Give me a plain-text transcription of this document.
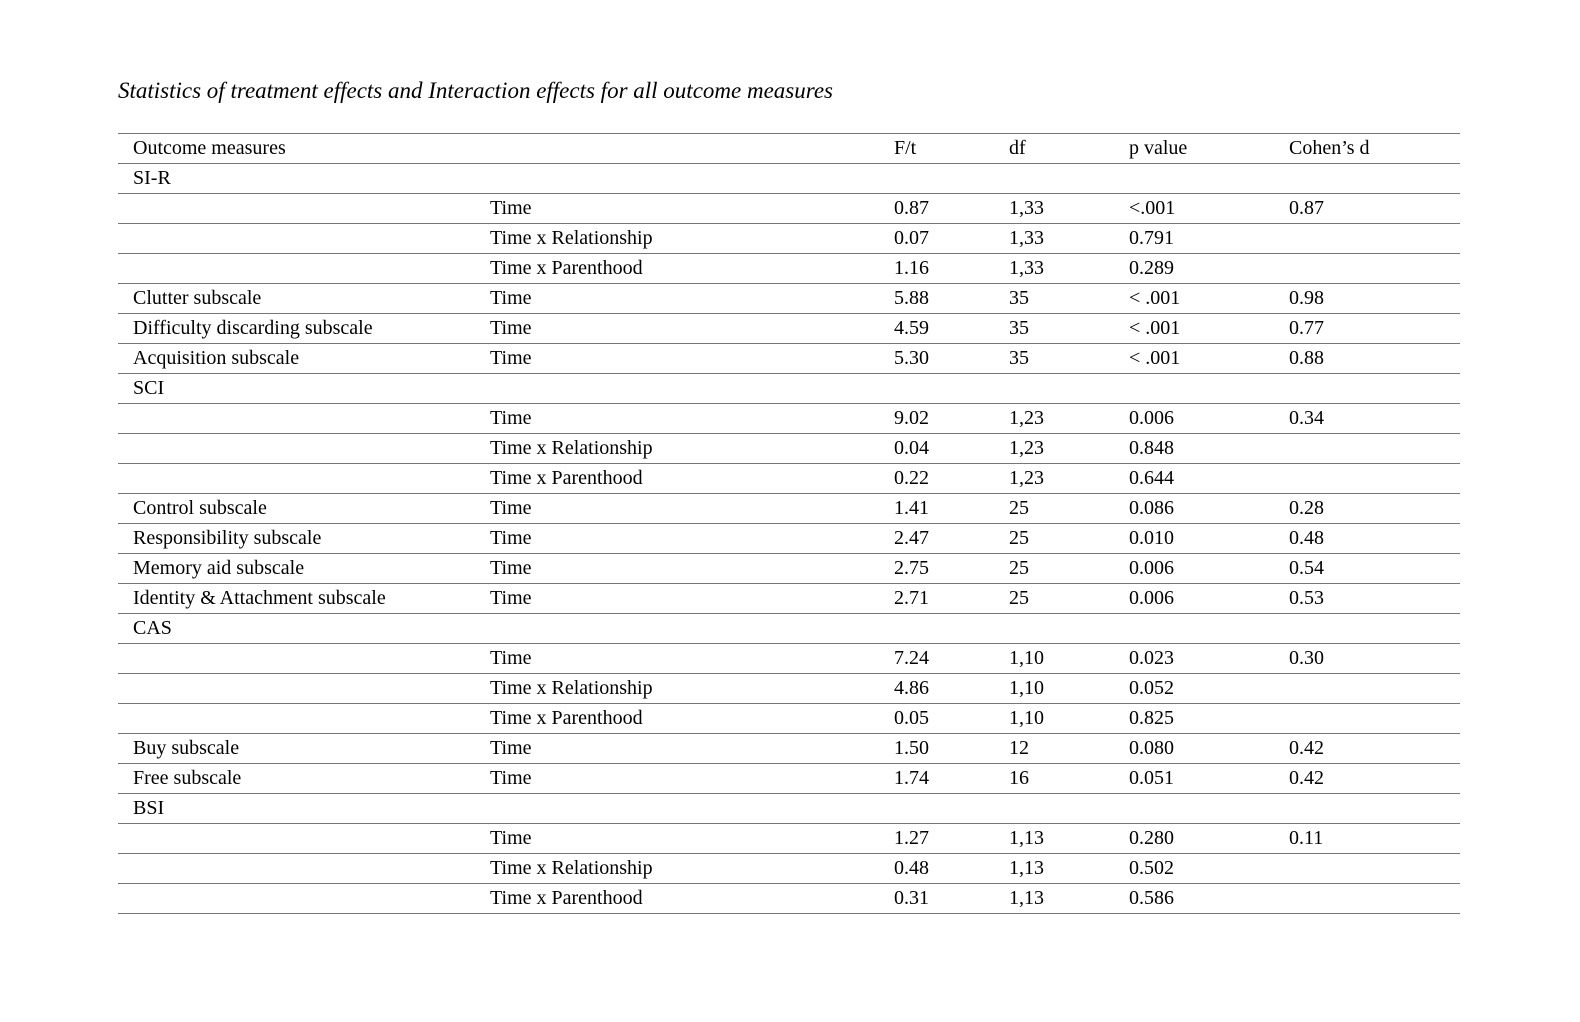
Statistics of treatment effects and Interaction effects for all outcome measures
Outcome measures		F/t	df	p value	Cohen’s d
SI-R					
	Time	0.87	1,33	<.001	0.87
	Time x Relationship	0.07	1,33	0.791	
	Time x Parenthood	1.16	1,33	0.289	
Clutter subscale	Time	5.88	35	< .001	0.98
Difficulty discarding subscale	Time	4.59	35	< .001	0.77
Acquisition subscale	Time	5.30	35	< .001	0.88
SCI					
	Time	9.02	1,23	0.006	0.34
	Time x Relationship	0.04	1,23	0.848	
	Time x Parenthood	0.22	1,23	0.644	
Control subscale	Time	1.41	25	0.086	0.28
Responsibility subscale	Time	2.47	25	0.010	0.48
Memory aid subscale	Time	2.75	25	0.006	0.54
Identity & Attachment subscale	Time	2.71	25	0.006	0.53
CAS					
	Time	7.24	1,10	0.023	0.30
	Time x Relationship	4.86	1,10	0.052	
	Time x Parenthood	0.05	1,10	0.825	
Buy subscale	Time	1.50	12	0.080	0.42
Free subscale	Time	1.74	16	0.051	0.42
BSI					
	Time	1.27	1,13	0.280	0.11
	Time x Relationship	0.48	1,13	0.502	
	Time x Parenthood	0.31	1,13	0.586	
